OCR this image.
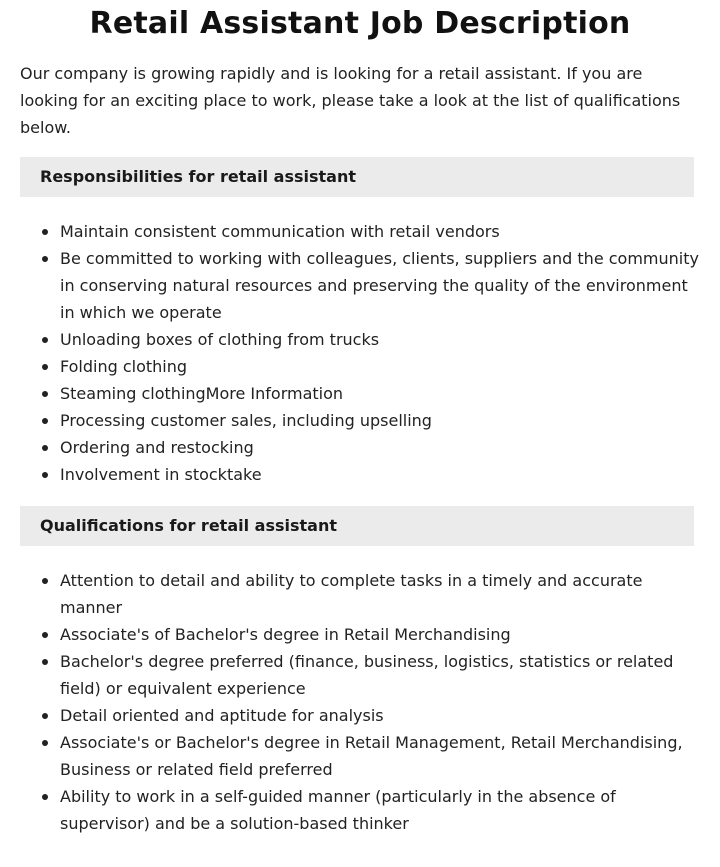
Retail Assistant Job Description

Our company is growing rapidly and is looking for a retail assistant. If you are looking for an exciting place to work, please take a look at the list of qualifications below.

Responsibilities for retail assistant
Maintain consistent communication with retail vendors
Be committed to working with colleagues, clients, suppliers and the community in conserving natural resources and preserving the quality of the environment in which we operate
Unloading boxes of clothing from trucks
Folding clothing
Steaming clothingMore Information
Processing customer sales, including upselling
Ordering and restocking
Involvement in stocktake
Qualifications for retail assistant
Attention to detail and ability to complete tasks in a timely and accurate manner
Associate's of Bachelor's degree in Retail Merchandising
Bachelor's degree preferred (finance, business, logistics, statistics or related field) or equivalent experience
Detail oriented and aptitude for analysis
Associate's or Bachelor's degree in Retail Management, Retail Merchandising, Business or related field preferred
Ability to work in a self-guided manner (particularly in the absence of supervisor) and be a solution-based thinker
